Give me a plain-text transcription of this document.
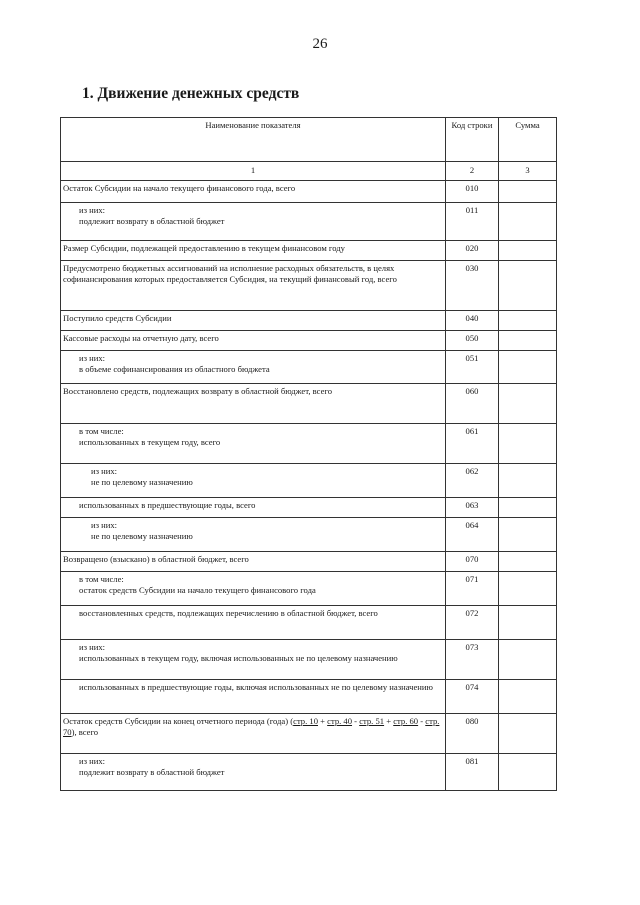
26
1. Движение денежных средств
Наименование показателя	Код строки	Сумма
1	2	3

Остаток Субсидии на начало текущего финансового года, всего	010	

из них:
подлежит возврату в областной бюджет	011	

Размер Субсидии, подлежащей предоставлению в текущем финансовом году	020	

Предусмотрено бюджетных ассигнований на исполнение расходных обязательств, в целях софинансирования которых предоставляется Субсидия, на текущий финансовый год, всего	030	

Поступило средств Субсидии	040	

Кассовые расходы на отчетную дату, всего	050	

из них:
в объеме софинансирования из областного бюджета	051	

Восстановлено средств, подлежащих возврату в областной бюджет, всего	060	

в том числе:
использованных в текущем году, всего	061	

из них:
не по целевому назначению	062	

использованных в предшествующие годы, всего	063	

из них:
не по целевому назначению	064	

Возвращено (взыскано) в областной бюджет, всего	070	

в том числе:
остаток средств Субсидии на начало текущего финансового года	071	

восстановленных средств, подлежащих перечислению в областной бюджет, всего	072	

из них:
использованных в текущем году, включая использованных не по целевому назначению	073	

использованных в предшествующие годы, включая использованных не по целевому назначению	074	

Остаток средств Субсидии на конец отчетного периода (года) (стр. 10 + стр. 40 - стр. 51 + стр. 60 - стр. 70), всего	080	

из них:
подлежит возврату в областной бюджет	081	
